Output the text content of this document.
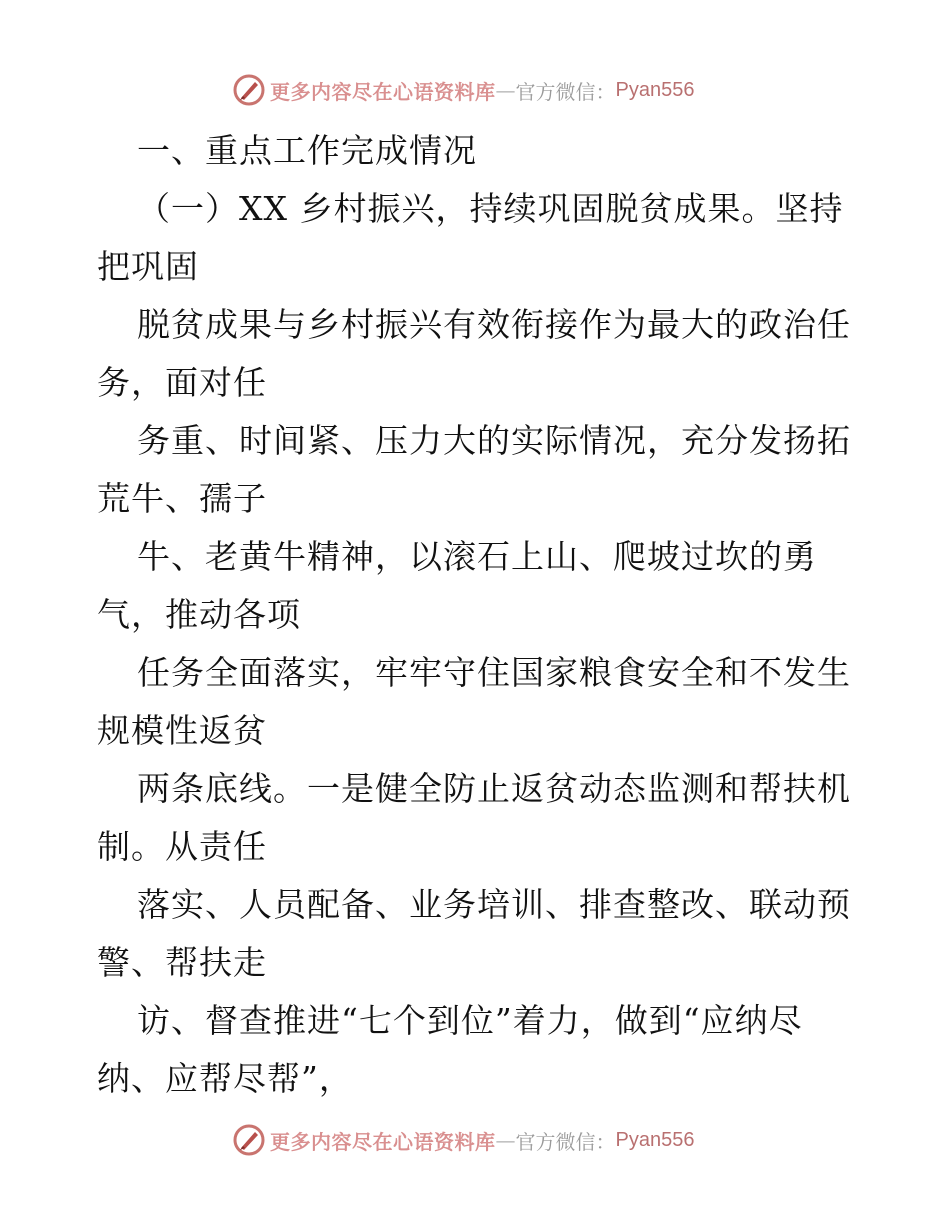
更多内容尽在心语资料库 — 官方微信： Pyan556
一、重点工作完成情况
（一）XX 乡村振兴，持续巩固脱贫成果。坚持
把巩固
脱贫成果与乡村振兴有效衔接作为最大的政治任
务，面对任
务重、时间紧、压力大的实际情况，充分发扬拓
荒牛、孺子
牛、老黄牛精神，以滚石上山、爬坡过坎的勇
气，推动各项
任务全面落实，牢牢守住国家粮食安全和不发生
规模性返贫
两条底线。一是健全防止返贫动态监测和帮扶机
制。从责任
落实、人员配备、业务培训、排查整改、联动预
警、帮扶走
访、督查推进“七个到位”着力，做到“应纳尽
纳、应帮尽帮”，
更多内容尽在心语资料库 — 官方微信： Pyan556
